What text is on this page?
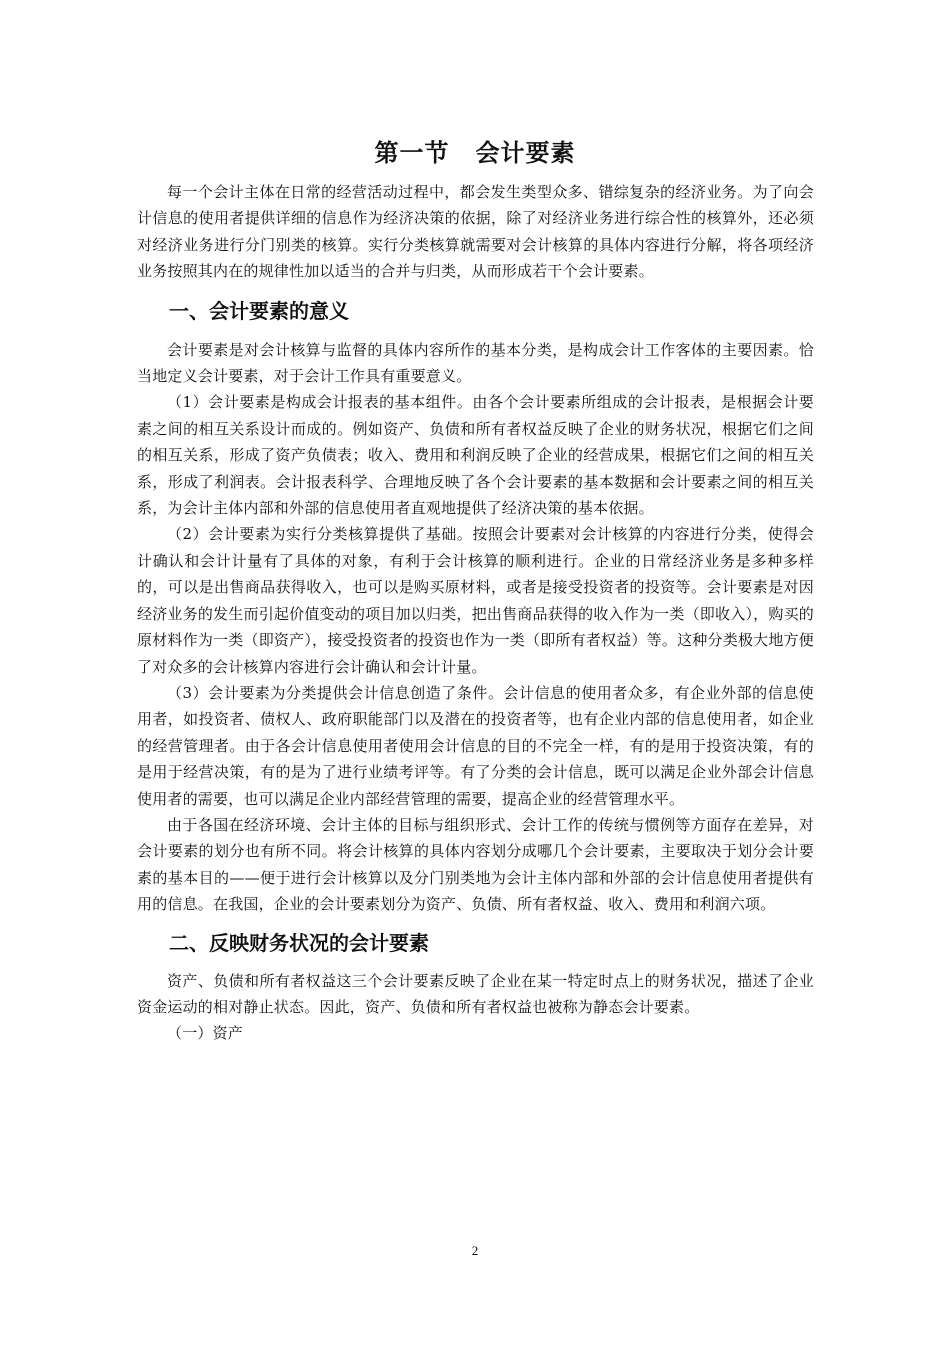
第一节 会计要素

每一个会计主体在日常的经营活动过程中，都会发生类型众多、错综复杂的经济业务。为了向会计信息的使用者提供详细的信息作为经济决策的依据，除了对经济业务进行综合性的核算外，还必须对经济业务进行分门别类的核算。实行分类核算就需要对会计核算的具体内容进行分解，将各项经济业务按照其内在的规律性加以适当的合并与归类，从而形成若干个会计要素。

一、会计要素的意义

会计要素是对会计核算与监督的具体内容所作的基本分类，是构成会计工作客体的主要因素。恰当地定义会计要素，对于会计工作具有重要意义。

（1）会计要素是构成会计报表的基本组件。由各个会计要素所组成的会计报表，是根据会计要素之间的相互关系设计而成的。例如资产、负债和所有者权益反映了企业的财务状况，根据它们之间的相互关系，形成了资产负债表；收入、费用和利润反映了企业的经营成果，根据它们之间的相互关系，形成了利润表。会计报表科学、合理地反映了各个会计要素的基本数据和会计要素之间的相互关系，为会计主体内部和外部的信息使用者直观地提供了经济决策的基本依据。

（2）会计要素为实行分类核算提供了基础。按照会计要素对会计核算的内容进行分类，使得会计确认和会计计量有了具体的对象，有利于会计核算的顺利进行。企业的日常经济业务是多种多样的，可以是出售商品获得收入，也可以是购买原材料，或者是接受投资者的投资等。会计要素是对因经济业务的发生而引起价值变动的项目加以归类，把出售商品获得的收入作为一类（即收入），购买的原材料作为一类（即资产），接受投资者的投资也作为一类（即所有者权益）等。这种分类极大地方便了对众多的会计核算内容进行会计确认和会计计量。

（3）会计要素为分类提供会计信息创造了条件。会计信息的使用者众多，有企业外部的信息使用者，如投资者、债权人、政府职能部门以及潜在的投资者等，也有企业内部的信息使用者，如企业的经营管理者。由于各会计信息使用者使用会计信息的目的不完全一样，有的是用于投资决策，有的是用于经营决策，有的是为了进行业绩考评等。有了分类的会计信息，既可以满足企业外部会计信息使用者的需要，也可以满足企业内部经营管理的需要，提高企业的经营管理水平。

由于各国在经济环境、会计主体的目标与组织形式、会计工作的传统与惯例等方面存在差异，对会计要素的划分也有所不同。将会计核算的具体内容划分成哪几个会计要素，主要取决于划分会计要素的基本目的——便于进行会计核算以及分门别类地为会计主体内部和外部的会计信息使用者提供有用的信息。在我国，企业的会计要素划分为资产、负债、所有者权益、收入、费用和利润六项。

二、反映财务状况的会计要素

资产、负债和所有者权益这三个会计要素反映了企业在某一特定时点上的财务状况，描述了企业资金运动的相对静止状态。因此，资产、负债和所有者权益也被称为静态会计要素。

（一）资产

2
